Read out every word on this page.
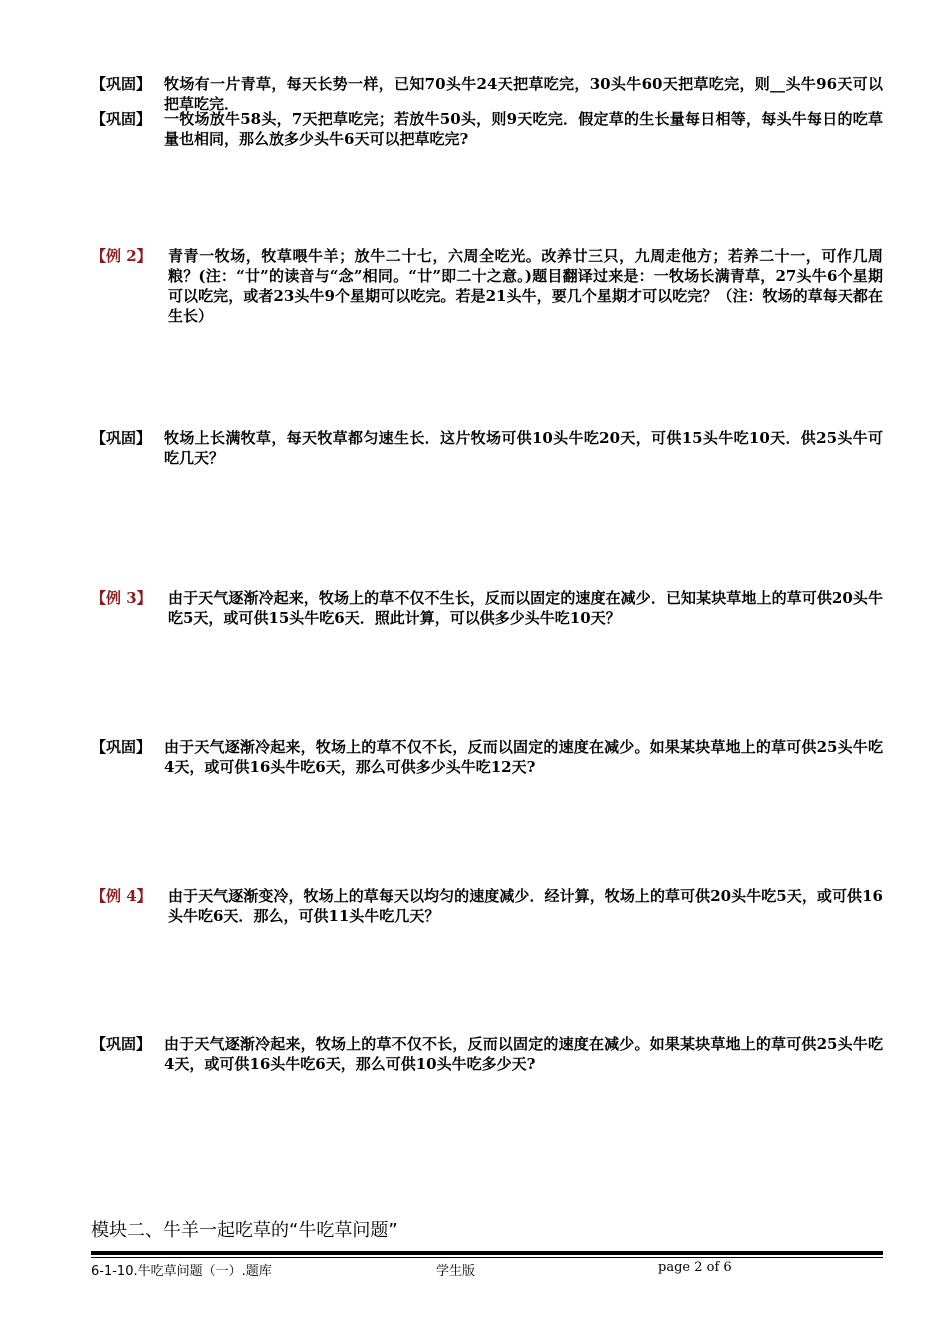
【巩固】 牧场有一片青草，每天长势一样，已知70头牛24天把草吃完，30头牛60天把草吃完，则__头牛96天可以把草吃完．
【巩固】 一牧场放牛58头，7天把草吃完；若放牛50头，则9天吃完．假定草的生长量每日相等，每头牛每日的吃草量也相同，那么放多少头牛6天可以把草吃完?
【例 2】 青青一牧场，牧草喂牛羊；放牛二十七，六周全吃光。改养廿三只，九周走他方；若养二十一，可作几周粮？(注：“廿”的读音与“念”相同。“廿”即二十之意。)题目翻译过来是：一牧场长满青草，27头牛6个星期可以吃完，或者23头牛9个星期可以吃完。若是21头牛，要几个星期才可以吃完？（注：牧场的草每天都在生长）
【巩固】 牧场上长满牧草，每天牧草都匀速生长．这片牧场可供10头牛吃20天，可供15头牛吃10天．供25头牛可吃几天？
【例 3】 由于天气逐渐冷起来，牧场上的草不仅不生长，反而以固定的速度在减少．已知某块草地上的草可供20头牛吃5天，或可供15头牛吃6天．照此计算，可以供多少头牛吃10天？
【巩固】 由于天气逐渐冷起来，牧场上的草不仅不长，反而以固定的速度在减少。如果某块草地上的草可供25头牛吃4天，或可供16头牛吃6天，那么可供多少头牛吃12天?
【例 4】 由于天气逐渐变冷，牧场上的草每天以均匀的速度减少．经计算，牧场上的草可供20头牛吃5天，或可供16头牛吃6天．那么，可供11头牛吃几天？
【巩固】 由于天气逐渐冷起来，牧场上的草不仅不长，反而以固定的速度在减少。如果某块草地上的草可供25头牛吃4天，或可供16头牛吃6天，那么可供10头牛吃多少天?
模块二、牛羊一起吃草的“牛吃草问题”
6-1-10.牛吃草问题（一）.题库	学生版	page 2 of 6
